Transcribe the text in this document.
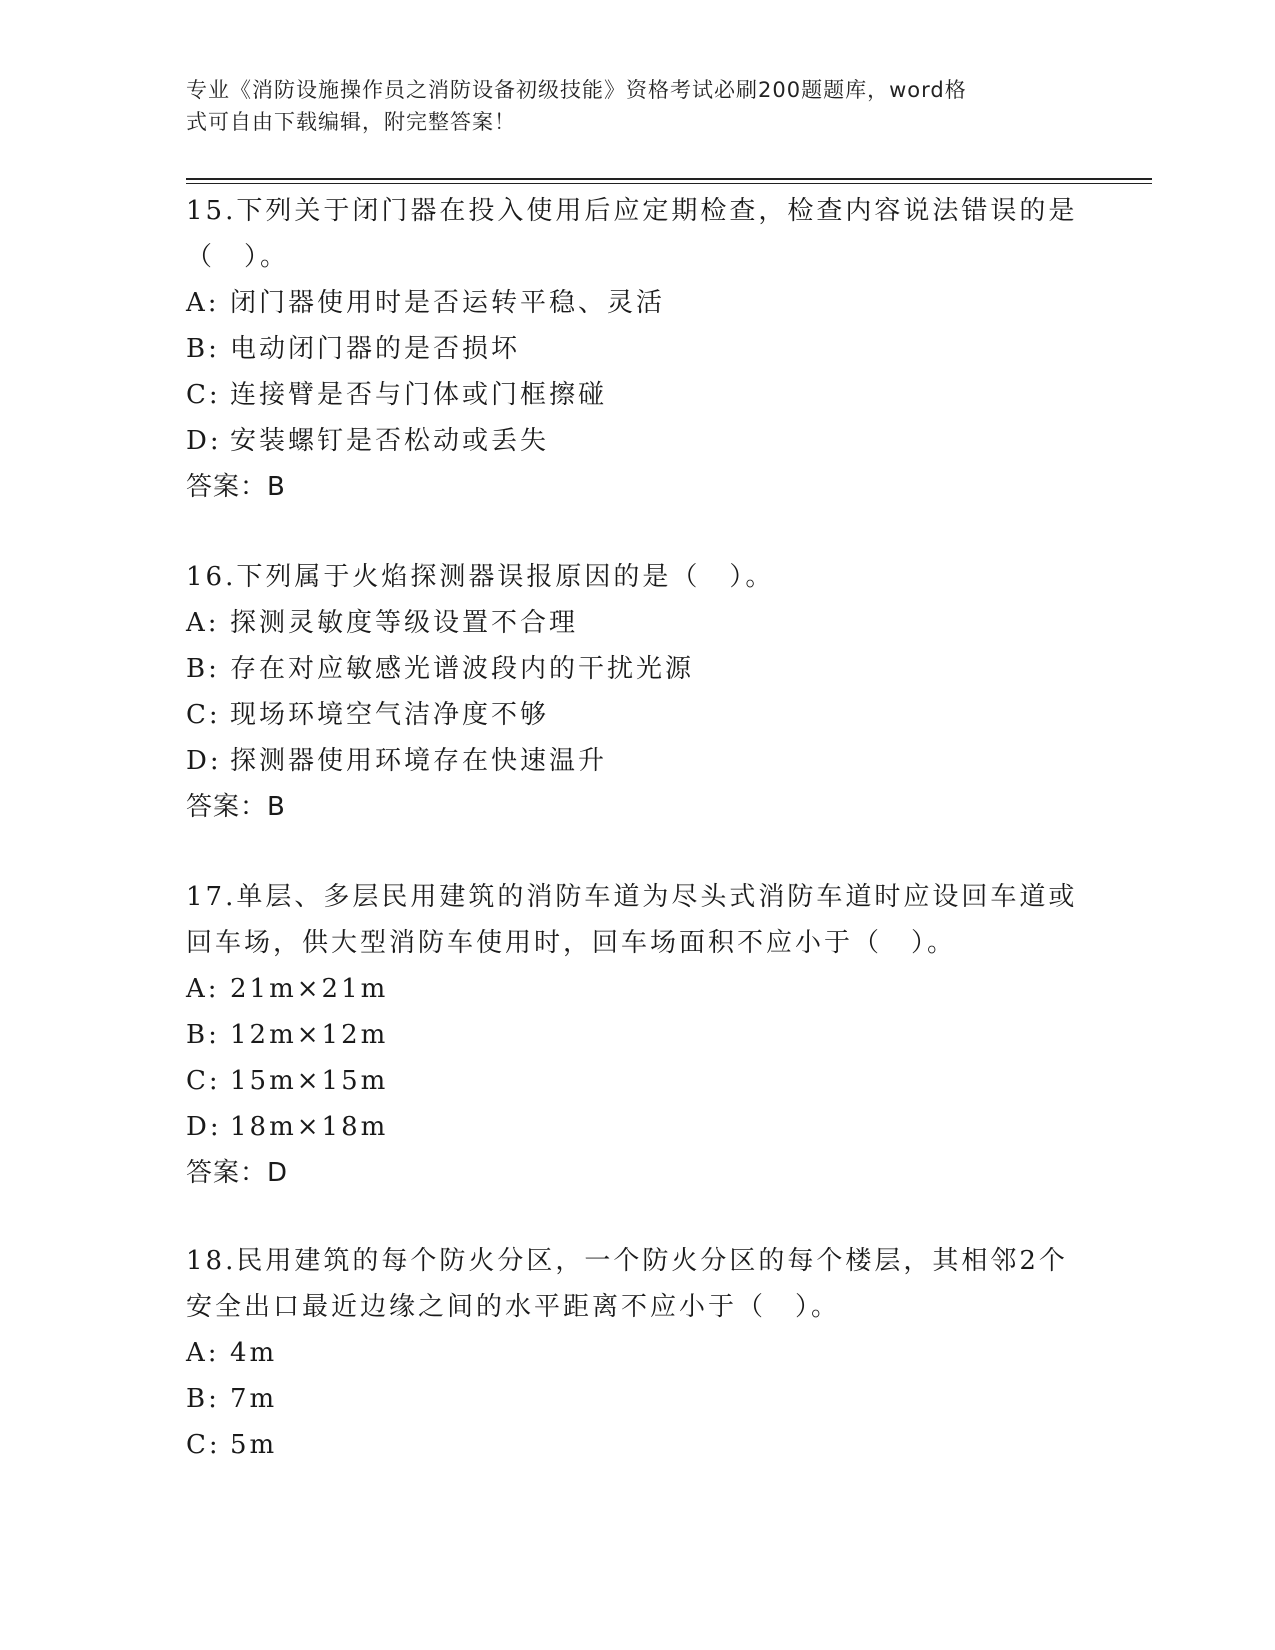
专业《消防设施操作员之消防设备初级技能》资格考试必刷200题题库，word格
式可自由下载编辑，附完整答案！

15.下列关于闭门器在投入使用后应定期检查，检查内容说法错误的是

（　）。

A: 闭门器使用时是否运转平稳、灵活

B: 电动闭门器的是否损坏

C: 连接臂是否与门体或门框擦碰

D: 安装螺钉是否松动或丢失

答案：B

16.下列属于火焰探测器误报原因的是（　）。

A: 探测灵敏度等级设置不合理

B: 存在对应敏感光谱波段内的干扰光源

C: 现场环境空气洁净度不够

D: 探测器使用环境存在快速温升

答案：B

17.单层、多层民用建筑的消防车道为尽头式消防车道时应设回车道或

回车场，供大型消防车使用时，回车场面积不应小于（　）。

A: 21m×21m

B: 12m×12m

C: 15m×15m

D: 18m×18m

答案：D

18.民用建筑的每个防火分区，一个防火分区的每个楼层，其相邻2个

安全出口最近边缘之间的水平距离不应小于（　）。

A: 4m

B: 7m

C: 5m
